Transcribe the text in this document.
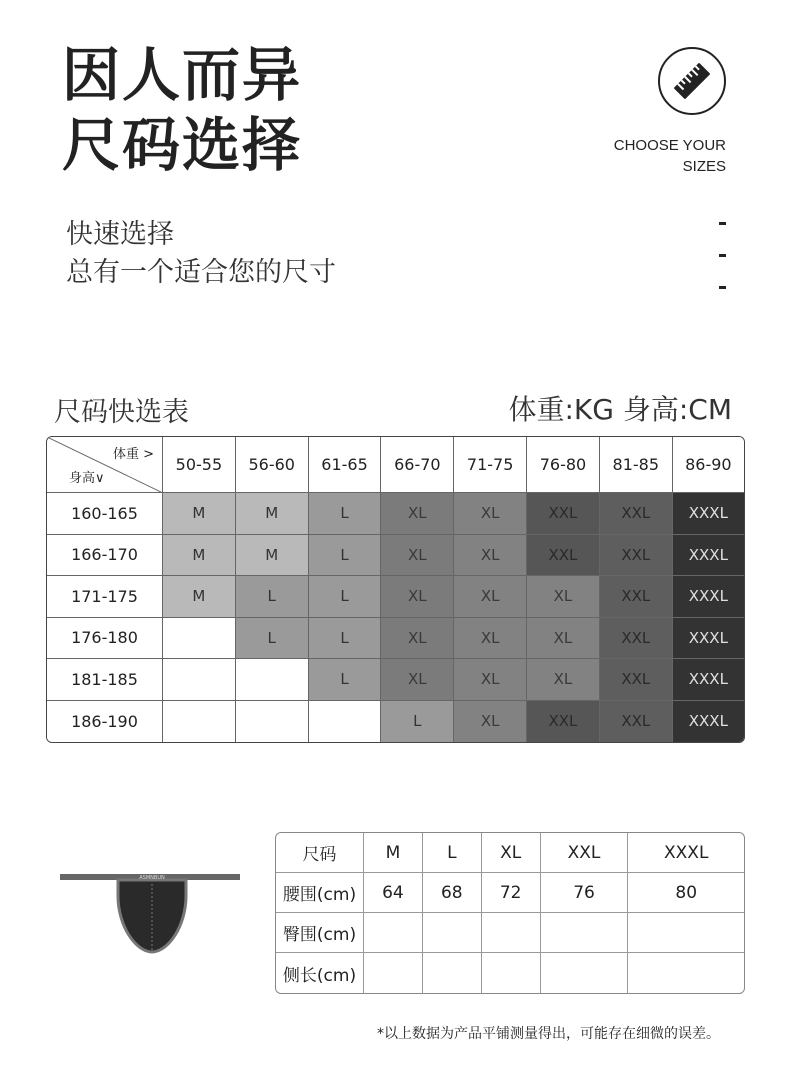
因人而异
尺码选择	CHOOSE YOUR
SIZES
快速选择
总有一个适合您的尺寸
尺码快选表	体重:KG 身高:CM
体重 >
身高∨	50-55	56-60	61-65	66-70	71-75	76-80	81-85	86-90
160-165	M	M	L	XL	XL	XXL	XXL	XXXL
166-170	M	M	L	XL	XL	XXL	XXL	XXXL
171-175	M	L	L	XL	XL	XL	XXL	XXXL
176-180		L	L	XL	XL	XL	XXL	XXXL
181-185			L	XL	XL	XL	XXL	XXXL
186-190				L	XL	XXL	XXL	XXXL
ASMNBUN
尺码	M	L	XL	XXL	XXXL
腰围(cm)	64	68	72	76	80
臀围(cm)					
侧长(cm)					
*以上数据为产品平铺测量得出，可能存在细微的误差。
